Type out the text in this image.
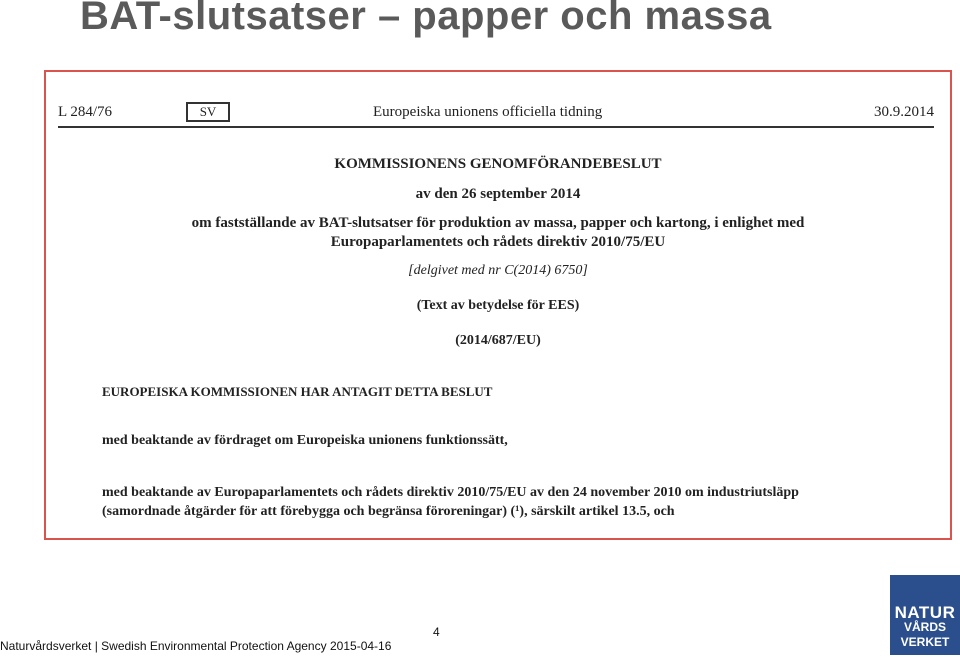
BAT-slutsatser – papper och massa
L 284/76	SV	Europeiska unionens officiella tidning	30.9.2014
KOMMISSIONENS GENOMFÖRANDEBESLUT
av den 26 september 2014
om fastställande av BAT-slutsatser för produktion av massa, papper och kartong, i enlighet med
Europaparlamentets och rådets direktiv 2010/75/EU
[delgivet med nr C(2014) 6750]
(Text av betydelse för EES)
(2014/687/EU)
EUROPEISKA KOMMISSIONEN HAR ANTAGIT DETTA BESLUT
med beaktande av fördraget om Europeiska unionens funktionssätt,
med beaktande av Europaparlamentets och rådets direktiv 2010/75/EU av den 24 november 2010 om industriutsläpp
(samordnade åtgärder för att förebygga och begränsa föroreningar) (¹), särskilt artikel 13.5, och
4
Naturvårdsverket | Swedish Environmental Protection Agency 2015-04-16
NATUR
VÅRDS
VERKET
